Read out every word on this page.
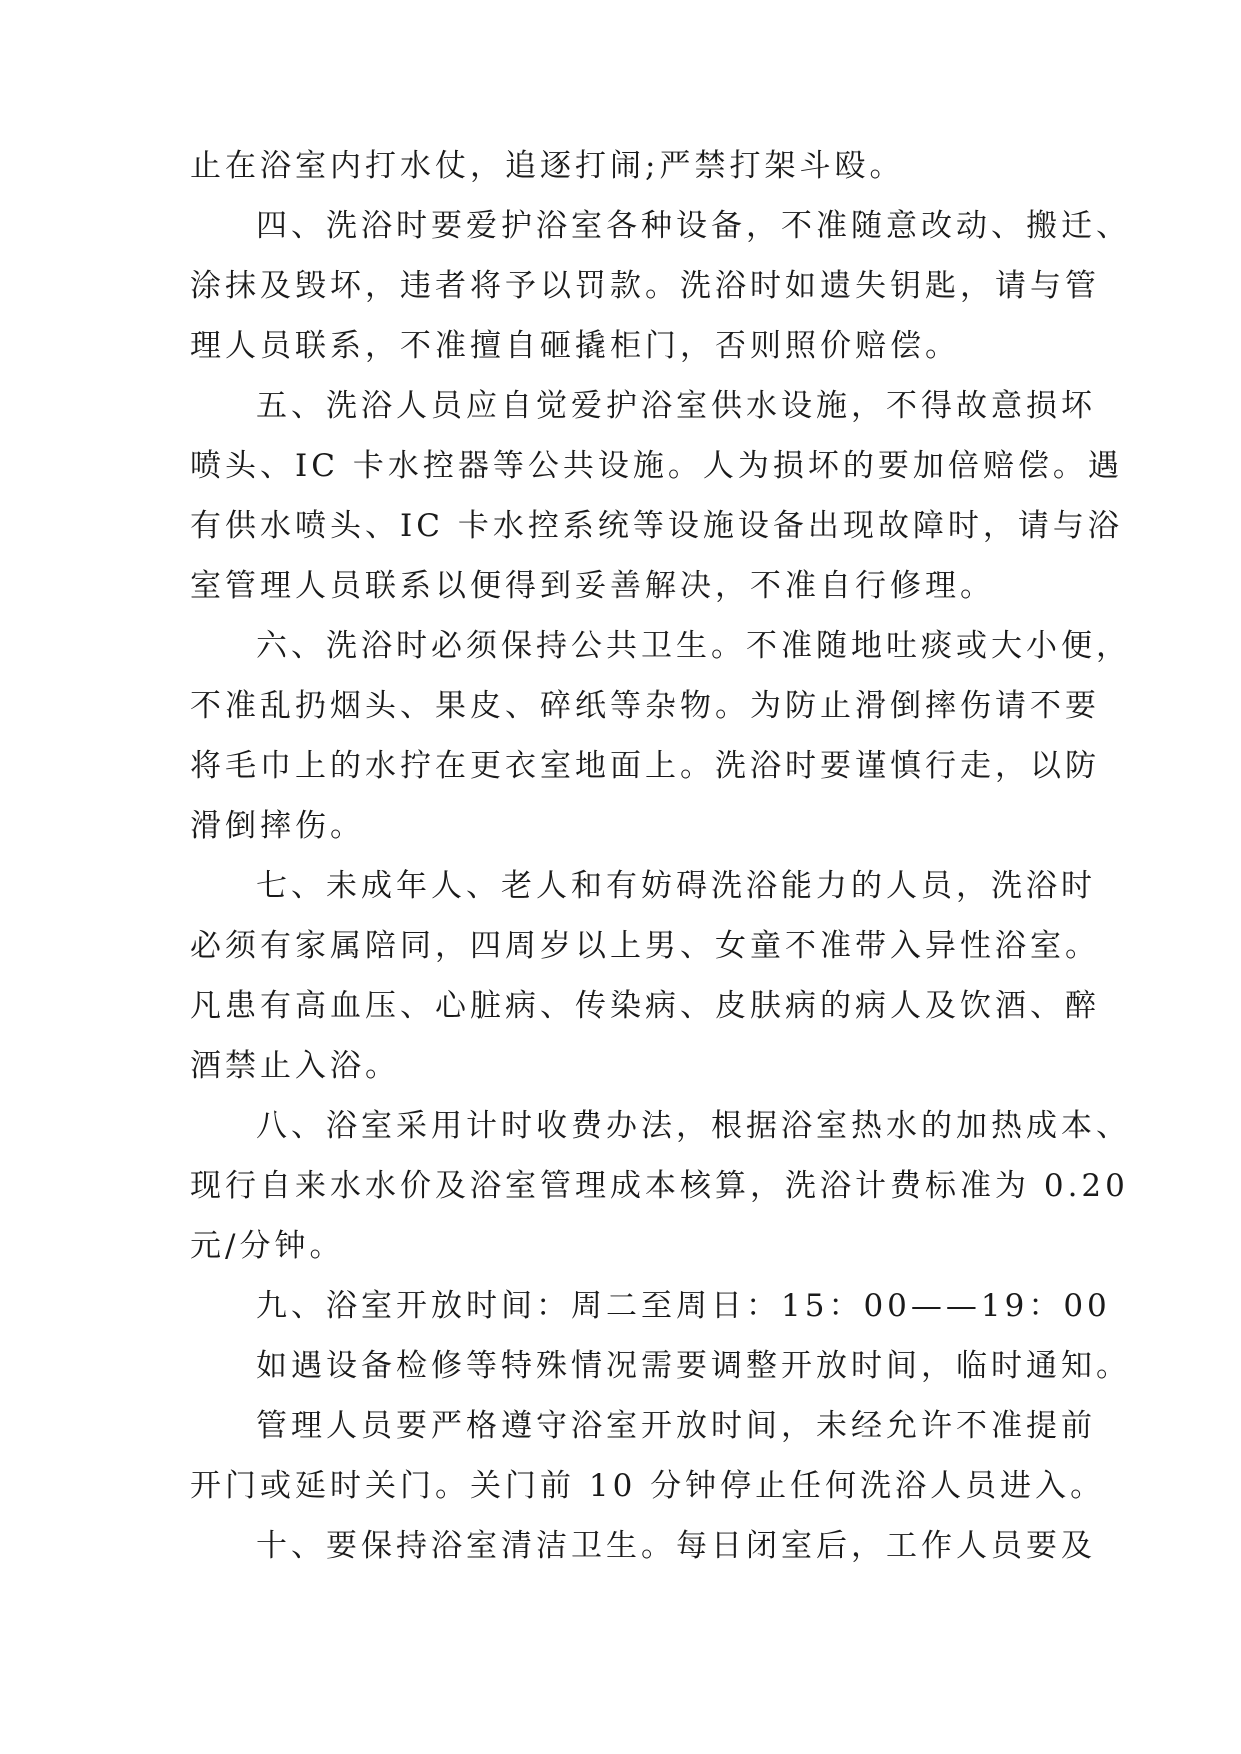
止在浴室内打水仗，追逐打闹;严禁打架斗殴。
四、洗浴时要爱护浴室各种设备，不准随意改动、搬迁、
涂抹及毁坏，违者将予以罚款。洗浴时如遗失钥匙，请与管
理人员联系，不准擅自砸撬柜门，否则照价赔偿。
五、洗浴人员应自觉爱护浴室供水设施，不得故意损坏
喷头、IC 卡水控器等公共设施。人为损坏的要加倍赔偿。遇
有供水喷头、IC 卡水控系统等设施设备出现故障时，请与浴
室管理人员联系以便得到妥善解决，不准自行修理。
六、洗浴时必须保持公共卫生。不准随地吐痰或大小便，
不准乱扔烟头、果皮、碎纸等杂物。为防止滑倒摔伤请不要
将毛巾上的水拧在更衣室地面上。洗浴时要谨慎行走，以防
滑倒摔伤。
七、未成年人、老人和有妨碍洗浴能力的人员，洗浴时
必须有家属陪同，四周岁以上男、女童不准带入异性浴室。
凡患有高血压、心脏病、传染病、皮肤病的病人及饮酒、醉
酒禁止入浴。
八、浴室采用计时收费办法，根据浴室热水的加热成本、
现行自来水水价及浴室管理成本核算，洗浴计费标准为 0.20
元/分钟。
九、浴室开放时间：周二至周日：15：00——19：00
如遇设备检修等特殊情况需要调整开放时间，临时通知。
管理人员要严格遵守浴室开放时间，未经允许不准提前
开门或延时关门。关门前 10 分钟停止任何洗浴人员进入。
十、要保持浴室清洁卫生。每日闭室后，工作人员要及
